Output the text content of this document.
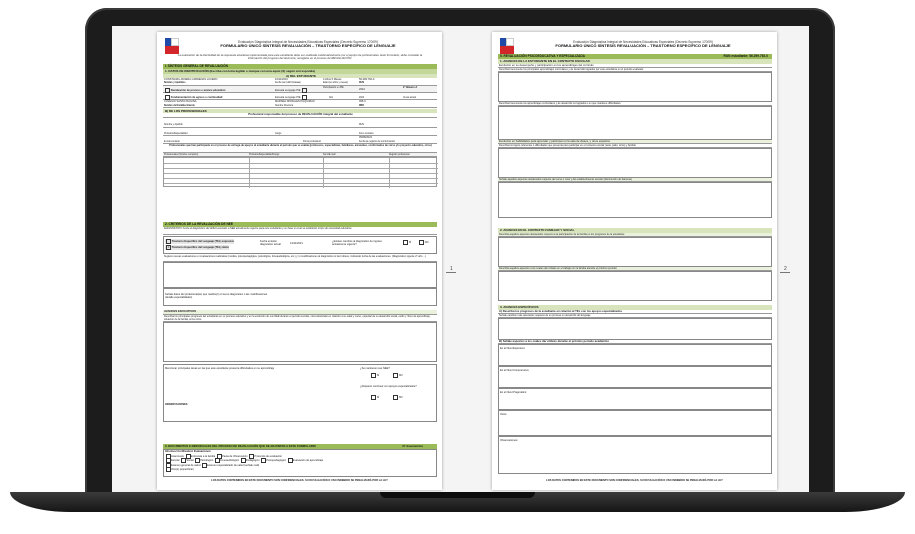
Evaluación Diagnóstica Integral de Necesidades Educativas Especiales (Decreto Supremo 170/09)
FORMULARIO ÚNICO SÍNTESIS REVALUACIÓN – TRASTORNO ESPECÍFICO DE LENGUAJE
La evaluación de la efectividad de la respuesta educativa implementada para este estudiante debe ser realizada colaborativamente por el equipo de profesionales. Este formulario, debe constatar la información del progreso del alumno/a, recogidos en el proceso de REVALUACIÓN.
I. SÍNTESIS GENERAL DE REVALUACIÓN
1. DATOS DE IDENTIFICACIÓN (Escriba con letra legible o marque con una equis (X) según corresponda)
A) DEL ESTUDIANTE
CONSTANZA JAVIERA CARDENAS LUCERO
Nombre y Apellidos
16/11/2016
Fecha nac.(dd/mm/aaaa)
4 Años 5 Meses
Edad (en años y meses)
56.299.792-0
RUN
Revaluación de proceso o avance educativo:	Escuela Lenguaje PIE
Participación en PIE	2024
2° Básico A
Fundamentación de egreso o continuidad:	Escuela Lenguaje PIE	Año	2024	Curso actual
COLEGIO SANTA PAULINA
Nombre del Establecimiento
MARISEL MORALES PILQUIMAO
Nombre Directora
306-0
RBD
B) DE LOS PROFESIONALES
Profesional responsable del proceso de REVALUACIÓN integral del estudiante
Nombre y Apellido	RUN
Profesión/Especialidad	Cargo	Fono contacto
05/08/2024
E-mail contacto	Firma profesional	Fecha de registro de la información
Profesionales que han participado en el proceso de entrega de apoyos al estudiante durante el período que se evalúa (profesores, especialistas, familiares, asistentes, conformados de curso y/o proyecto educativo, otros)
Profesionales (Nombre completo)	Profesión/Especialidad/Cargo	Fono/E-mail	Registro profesional
2. CRITERIOS DE LA REVALUACIÓN DE NEE
DIAGNÓSTICO: Anote el diagnóstico del déficit asociado a NEE actualmente vigente para este estudiante y su base en cual se estableció el tipo de necesidad educativa
Trastorno Específico del Lenguaje (TEL) expresivo
× Trastorno Específico del Lenguaje (TEL) mixto
Fecha emisión diagnóstico actual	14/11/2021
¿Existen cambios al diagnóstico de ingreso actualmente vigente?
SÍ	NO
Sugiera nuevas evaluaciones o revaluaciones realizadas (médica, psicopedagógica, psicológica, fonoaudiológica, etc.) y /o modificaciones al diagnóstico si las hubiere, indicando fecha de las evaluaciones. (Diagnóstico vigente 2º año ...)
Señale datos del profesional(es) que realizó(ó) el nuevo diagnóstico o las modificaciones (detalle especialidades)
AVANCES EDUCATIVOS
Describa los principales progresos del estudiante en su proceso educativo y en la evolución de sus NEE durante el período escolar, nivel alcanzado en relación a su edad y curso, especial de su desarrollo social, estilo y ritmo de aprendizaje, situación de la familia, entre otros.
Mencionar principales áreas en las que este estudiante presenta dificultades en su aprendizaje	¿Se mantienen sus NEE?
SÍ	NO
¿Requiere continuar con apoyos especializados?
SÍ	NO
OBSERVACIONES
3. DOCUMENTOS E INDIVIDUALES DEL PROCESO DE REVALUACIÓN QUE SE ADJUNTAN A ESTE FORMULARIO	N° documentos
Informes/ Certificados/ Evaluaciones:
Anamnesis	Entrevista a la familia	Pauta de Observación	Protocolo de evaluación
Escolar	Social	Psicológico	Fonoaudiológico	Pedagógico	Psicopedagógico	Evaluación de aprendizaje
Examen general de salud	Examen especializado de salud (señale cuál)
Otro(s) (especificar)
LOS DATOS CONTENIDOS EN ESTE DOCUMENTO SON CONFIDENCIALES, SU DIVULGACIÓN O USO INDEBIDO SE PENALIZARÁ POR LA LEY
1	2
Evaluación Diagnóstica Integral de Necesidades Educativas Especiales (Decreto Supremo 170/09)
FORMULARIO ÚNICO SÍNTESIS REVALUACIÓN – TRASTORNO ESPECÍFICO DE LENGUAJE
II. REVALUACIÓN PSICOEDUCATIVA Y ESPECIALIZADA	RUN estudiante: 56.299.792-0
1. AVANCES DE LA ESTUDIANTE EN EL CONTEXTO ESCOLAR
Evolución en su desempeño y participación en los aprendizajes del currículo
Describa brevemente los principales aprendizajes curriculares y de desarrollo logrados por este estudiante en el período evaluado
Describa brevemente los aprendizajes curriculares y de desarrollo no logrados o en que mantiene dificultades
Evolución en habilidades para aprender y participar en la sala de clases, y otros espacios
Describa los logros referentes o dificultades que presenta para participar en el contexto escolar (aula, patio, otros) y familiar
Señale aquellos aspectos destacados respecto del curso o nivel y del establecimiento escolar (disminución de barreras)
2. AVANCES EN EL CONTEXTO FAMILIAR Y SOCIAL
Describa aquellos aspectos destacados respecto a la participación de la familia en los progresos de la estudiante
Describa aquellos aspectos a los cuales dar énfasis en el trabajo con la familia durante el próximo período
3. AVANCES ESPECÍFICOS
A) Describa los progresos de la estudiante en relación al TEL con los apoyos especializados
Señale cambios más relevantes respecto de su proceso en desarrollo del lenguaje
B) Señale aspectos a los cuales dar énfasis durante el próximo período académico
En el Nivel Expresivo:
En el Nivel Comprensivo:
En el Nivel Pragmático:
Otros:
Observaciones:
LOS DATOS CONTENIDOS EN ESTE DOCUMENTO SON CONFIDENCIALES, SU DIVULGACIÓN O USO INDEBIDO SE PENALIZARÁ POR LA LEY
